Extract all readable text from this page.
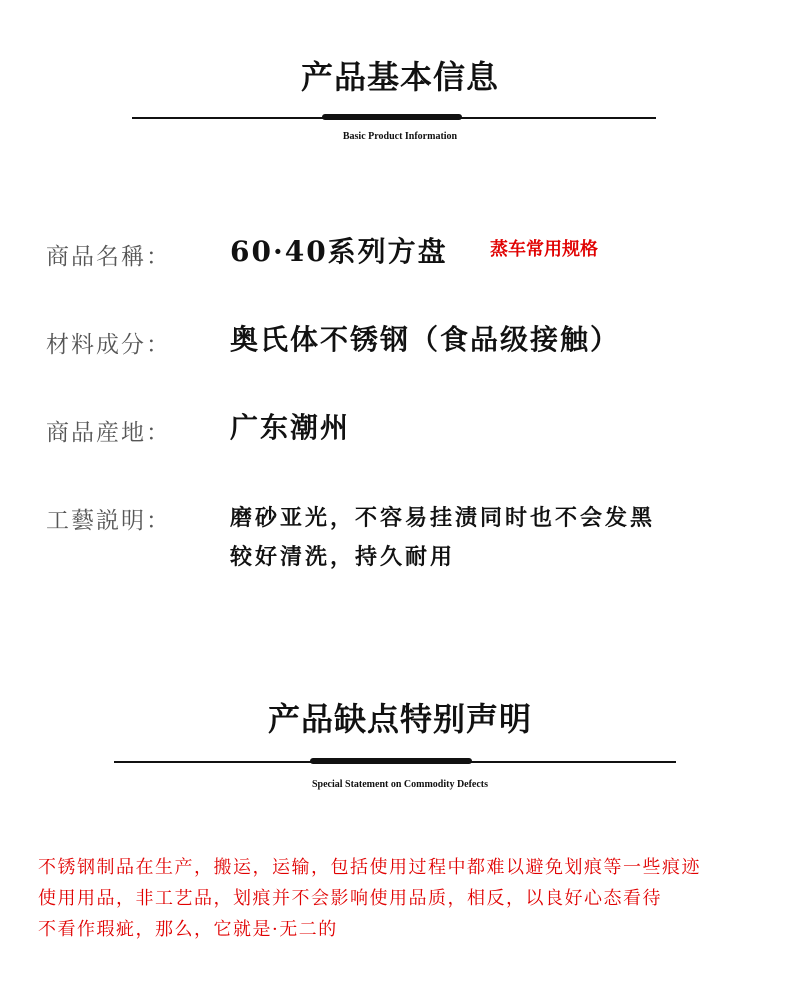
产品基本信息
Basic Product Information
商品名稱： 60·40系列方盘 蒸车常用规格
材料成分： 奥氏体不锈钢（食品级接触）
商品産地： 广东潮州
工藝説明：	磨砂亚光，不容易挂渍同时也不会发黑
较好清洗，持久耐用
产品缺点特别声明
Special Statement on Commodity Defects
不锈钢制品在生产，搬运，运输，包括使用过程中都难以避免划痕等一些痕迹
使用用品，非工艺品，划痕并不会影响使用品质，相反，以良好心态看待
不看作瑕疵，那么，它就是·无二的
